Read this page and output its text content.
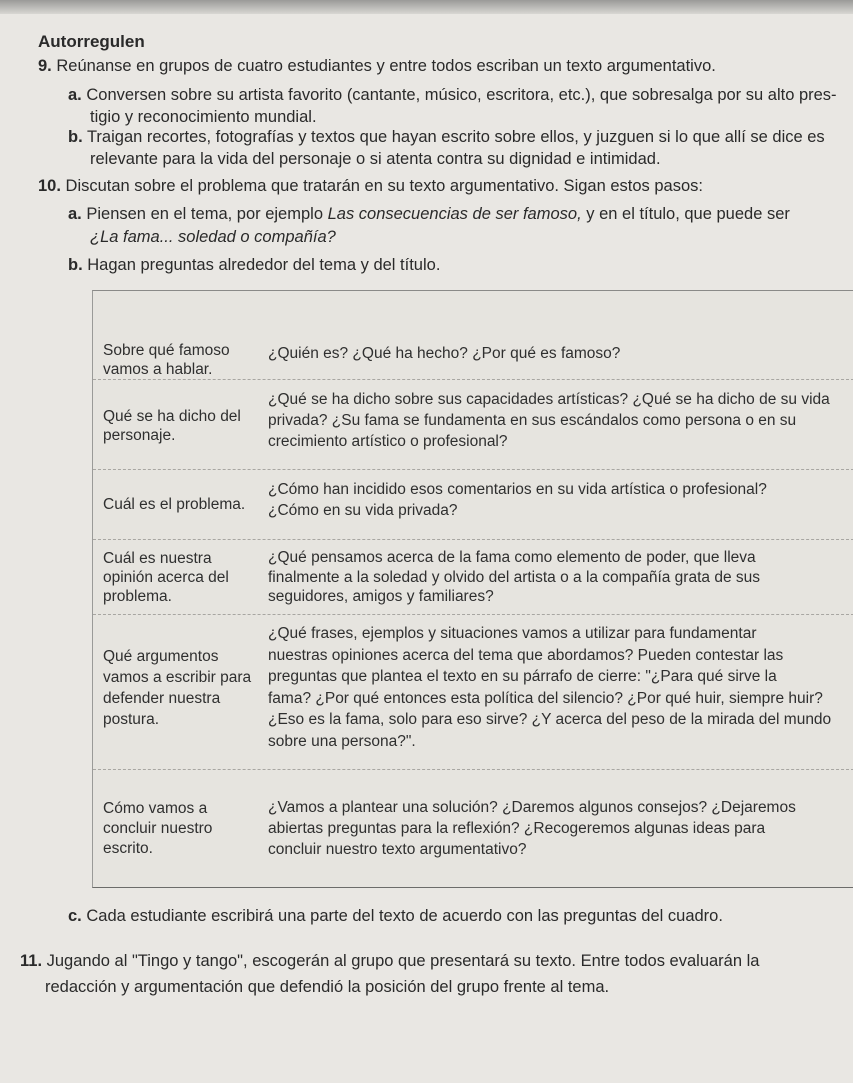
Autorregulen
9. Reúnanse en grupos de cuatro estudiantes y entre todos escriban un texto argumentativo.
a. Conversen sobre su artista favorito (cantante, músico, escritora, etc.), que sobresalga por su alto pres-
tigio y reconocimiento mundial.
b. Traigan recortes, fotografías y textos que hayan escrito sobre ellos, y juzguen si lo que allí se dice es
relevante para la vida del personaje o si atenta contra su dignidad e intimidad.
10. Discutan sobre el problema que tratarán en su texto argumentativo. Sigan estos pasos:
a. Piensen en el tema, por ejemplo Las consecuencias de ser famoso, y en el título, que puede ser
¿La fama... soledad o compañía?
b. Hagan preguntas alrededor del tema y del título.
Sobre qué famoso
vamos a hablar.
¿Quién es? ¿Qué ha hecho? ¿Por qué es famoso?
Qué se ha dicho del
personaje.
¿Qué se ha dicho sobre sus capacidades artísticas? ¿Qué se ha dicho de su vida
privada? ¿Su fama se fundamenta en sus escándalos como persona o en su
crecimiento artístico o profesional?
Cuál es el problema.
¿Cómo han incidido esos comentarios en su vida artística o profesional?
¿Cómo en su vida privada?
Cuál es nuestra
opinión acerca del
problema.
¿Qué pensamos acerca de la fama como elemento de poder, que lleva
finalmente a la soledad y olvido del artista o a la compañía grata de sus
seguidores, amigos y familiares?
Qué argumentos
vamos a escribir para
defender nuestra
postura.
¿Qué frases, ejemplos y situaciones vamos a utilizar para fundamentar
nuestras opiniones acerca del tema que abordamos? Pueden contestar las
preguntas que plantea el texto en su párrafo de cierre: "¿Para qué sirve la
fama? ¿Por qué entonces esta política del silencio? ¿Por qué huir, siempre huir?
¿Eso es la fama, solo para eso sirve? ¿Y acerca del peso de la mirada del mundo
sobre una persona?".
Cómo vamos a
concluir nuestro
escrito.
¿Vamos a plantear una solución? ¿Daremos algunos consejos? ¿Dejaremos
abiertas preguntas para la reflexión? ¿Recogeremos algunas ideas para
concluir nuestro texto argumentativo?
c. Cada estudiante escribirá una parte del texto de acuerdo con las preguntas del cuadro.
11. Jugando al "Tingo y tango", escogerán al grupo que presentará su texto. Entre todos evaluarán la
redacción y argumentación que defendió la posición del grupo frente al tema.
